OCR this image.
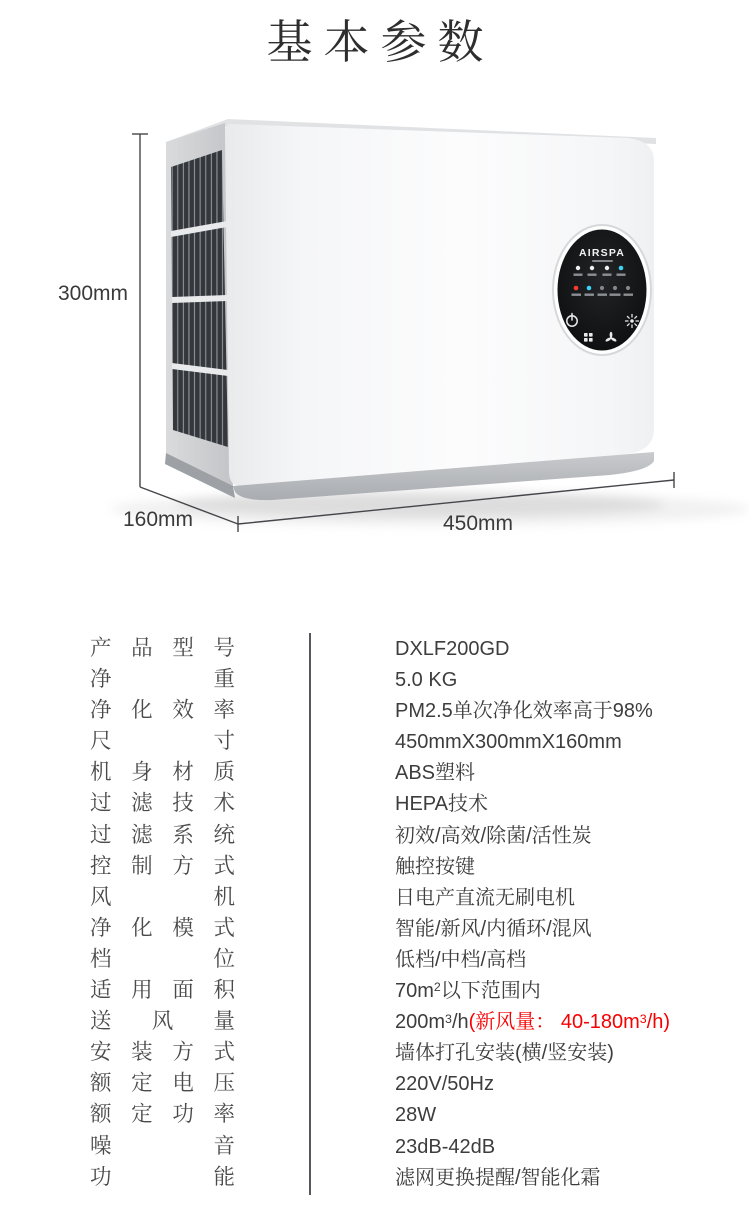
基本参数
AIRSPA
300mm
160mm	450mm
产品型号	DXLF200GD
净重	5.0 KG
净化效率	PM2.5单次净化效率高于98%
尺寸	450mmX300mmX160mm
机身材质	ABS塑料
过滤技术	HEPA技术
过滤系统	初效/高效/除菌/活性炭
控制方式	触控按键
风机	日电产直流无刷电机
净化模式	智能/新风/内循环/混风
档位	低档/中档/高档
适用面积	$70m^2$以下范围内
送风量	$200m^3/h$(新风量： $40-180m^3/h$)
安装方式	墙体打孔安装(横/竖安装)
额定电压	220V/50Hz
额定功率	28W
噪音	23dB-42dB
功能	滤网更换提醒/智能化霜
